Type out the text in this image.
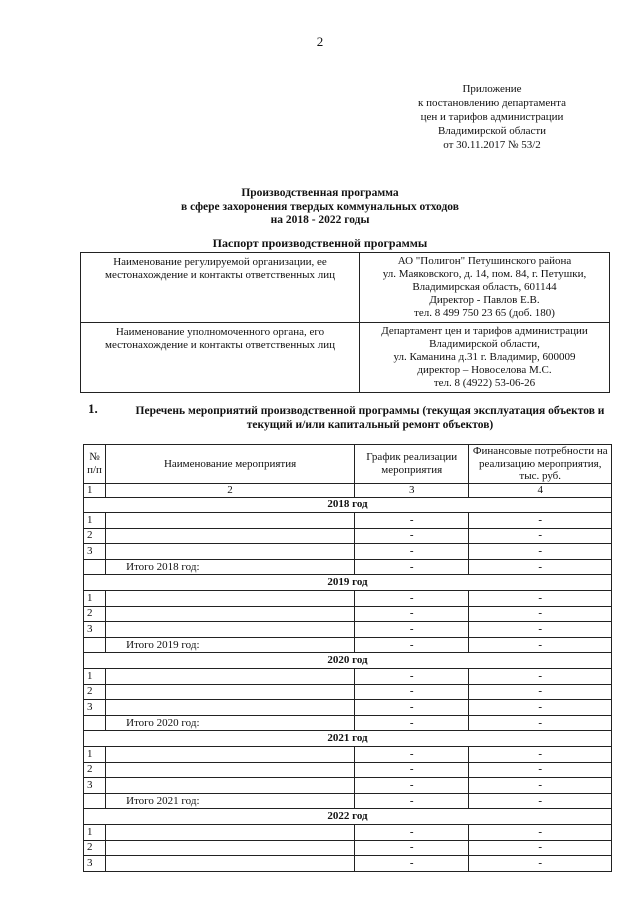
2
Приложение
к постановлению департамента
цен и тарифов администрации
Владимирской области
от 30.11.2017 № 53/2
Производственная программа
в сфере захоронения твердых коммунальных отходов
на 2018 - 2022 годы
Паспорт производственной программы
Наименование регулируемой организации, ее местонахождение и контакты ответственных лиц	АО "Полигон" Петушинского района
ул. Маяковского, д. 14, пом. 84, г. Петушки,
Владимирская область, 601144
Директор - Павлов Е.В.
тел. 8 499 750 23 65 (доб. 180)

Наименование уполномоченного органа, его местонахождение и контакты ответственных лиц	Департамент цен и тарифов администрации
Владимирской области,
ул. Каманина д.31 г. Владимир, 600009
директор – Новоселова М.С.
тел. 8 (4922) 53-06-26
1.	Перечень мероприятий производственной программы (текущая эксплуатация объектов и
текущий и/или капитальный ремонт объектов)
№ п/п	Наименование мероприятия	График реализации мероприятия	Финансовые потребности на реализацию мероприятия, тыс. руб.
1	2	3	4
2018 год			
1		-	-
2		-	-
3		-	-
	Итого 2018 год:	-	-
2019 год			
1		-	-
2		-	-
3		-	-
	Итого 2019 год:	-	-
2020 год			
1		-	-
2		-	-
3		-	-
	Итого 2020 год:	-	-
2021 год			
1		-	-
2		-	-
3		-	-
	Итого 2021 год:	-	-
2022 год			
1		-	-
2		-	-
3		-	-
